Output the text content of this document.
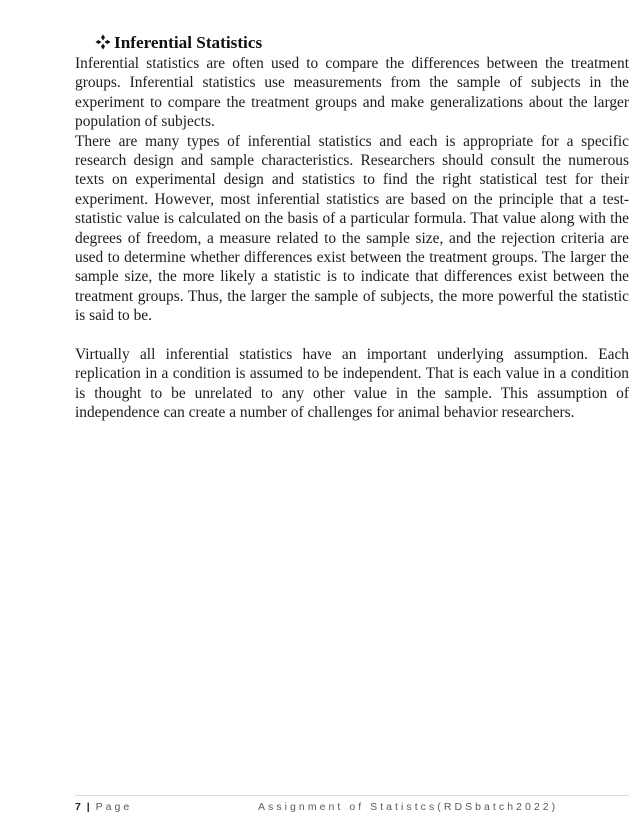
Inferential Statistics

Inferential statistics are often used to compare the differences between the treatment groups. Inferential statistics use measurements from the sample of subjects in the experiment to compare the treatment groups and make generalizations about the larger population of subjects.

There are many types of inferential statistics and each is appropriate for a specific research design and sample characteristics. Researchers should consult the numerous texts on experimental design and statistics to find the right statistical test for their experiment. However, most inferential statistics are based on the principle that a test-statistic value is calculated on the basis of a particular formula. That value along with the degrees of freedom, a measure related to the sample size, and the rejection criteria are used to determine whether differences exist between the treatment groups. The larger the sample size, the more likely a statistic is to indicate that differences exist between the treatment groups. Thus, the larger the sample of subjects, the more powerful the statistic is said to be.

Virtually all inferential statistics have an important underlying assumption. Each replication in a condition is assumed to be independent. That is each value in a condition is thought to be unrelated to any other value in the sample. This assumption of independence can create a number of challenges for animal behavior researchers.

7 | Page	Assignment of Statistcs(RDSbatch2022)
